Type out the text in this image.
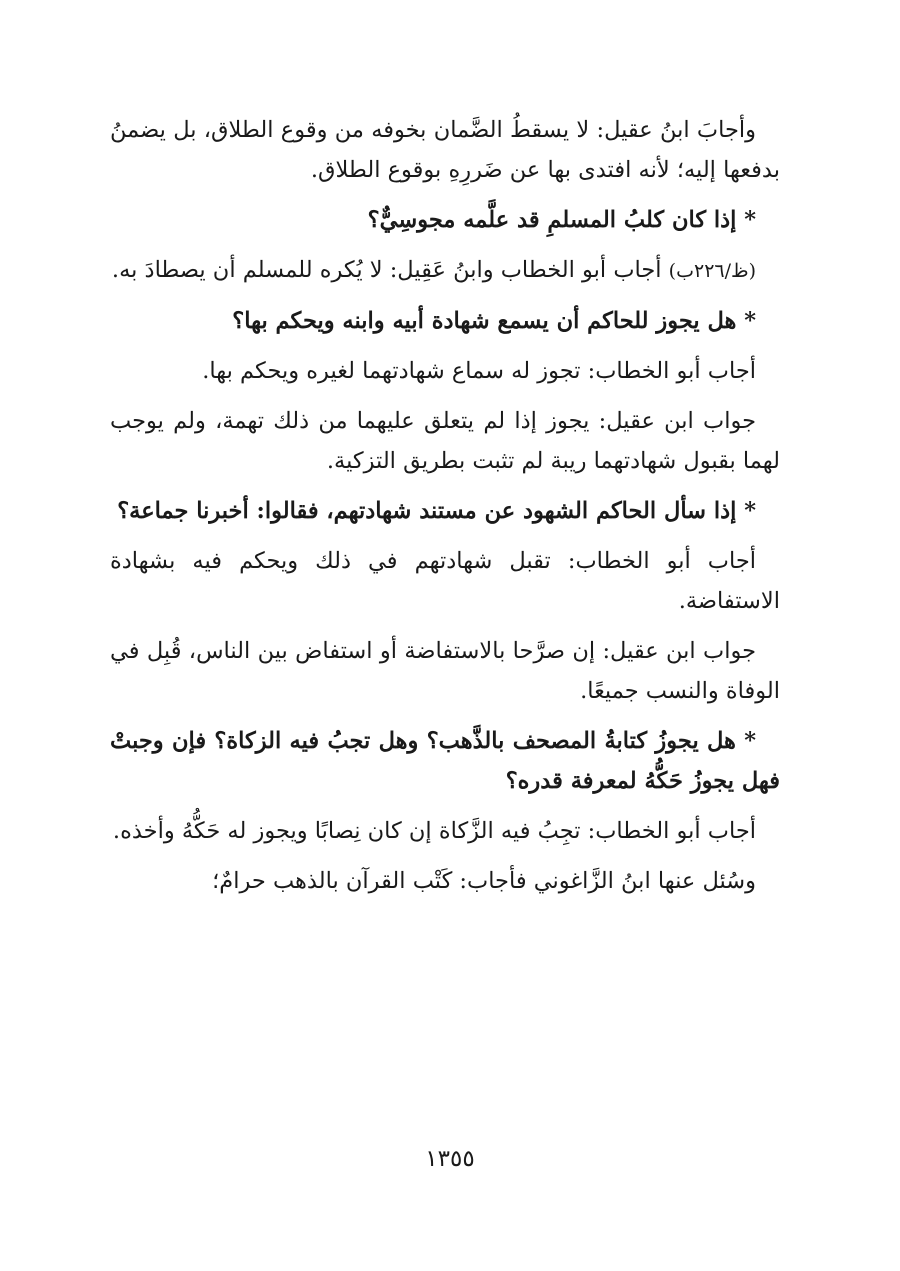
وأجابَ ابنُ عقيل: لا يسقطُ الضَّمان بخوفه من وقوع الطلاق، بل يضمنُ بدفعها إليه؛ لأنه افتدى بها عن ضَررِهِ بوقوع الطلاق.

* إذا كان كلبُ المسلمِ قد علَّمه مجوسِيٌّ؟

(ظ/٢٢٦ب) أجاب أبو الخطاب وابنُ عَقِيل: لا يُكره للمسلم أن يصطادَ به.

* هل يجوز للحاكم أن يسمع شهادة أبيه وابنه ويحكم بها؟

أجاب أبو الخطاب: تجوز له سماع شهادتهما لغيره ويحكم بها.

جواب ابن عقيل: يجوز إذا لم يتعلق عليهما من ذلك تهمة، ولم يوجب لهما بقبول شهادتهما ريبة لم تثبت بطريق التزكية.

* إذا سأل الحاكم الشهود عن مستند شهادتهم، فقالوا: أخبرنا جماعة؟

أجاب أبو الخطاب: تقبل شهادتهم في ذلك ويحكم فيه بشهادة الاستفاضة.

جواب ابن عقيل: إن صرَّحا بالاستفاضة أو استفاض بين الناس، قُبِل في الوفاة والنسب جميعًا.

* هل يجوزُ كتابةُ المصحف بالذَّهب؟ وهل تجبُ فيه الزكاة؟ فإن وجبتْ فهل يجوزُ حَكُّهُ لمعرفة قدره؟

أجاب أبو الخطاب: تجِبُ فيه الزَّكاة إن كان نِصابًا ويجوز له حَكُّهُ وأخذه.

وسُئل عنها ابنُ الزَّاغوني فأجاب: كَتْب القرآن بالذهب حرامٌ؛

١٣٥٥
